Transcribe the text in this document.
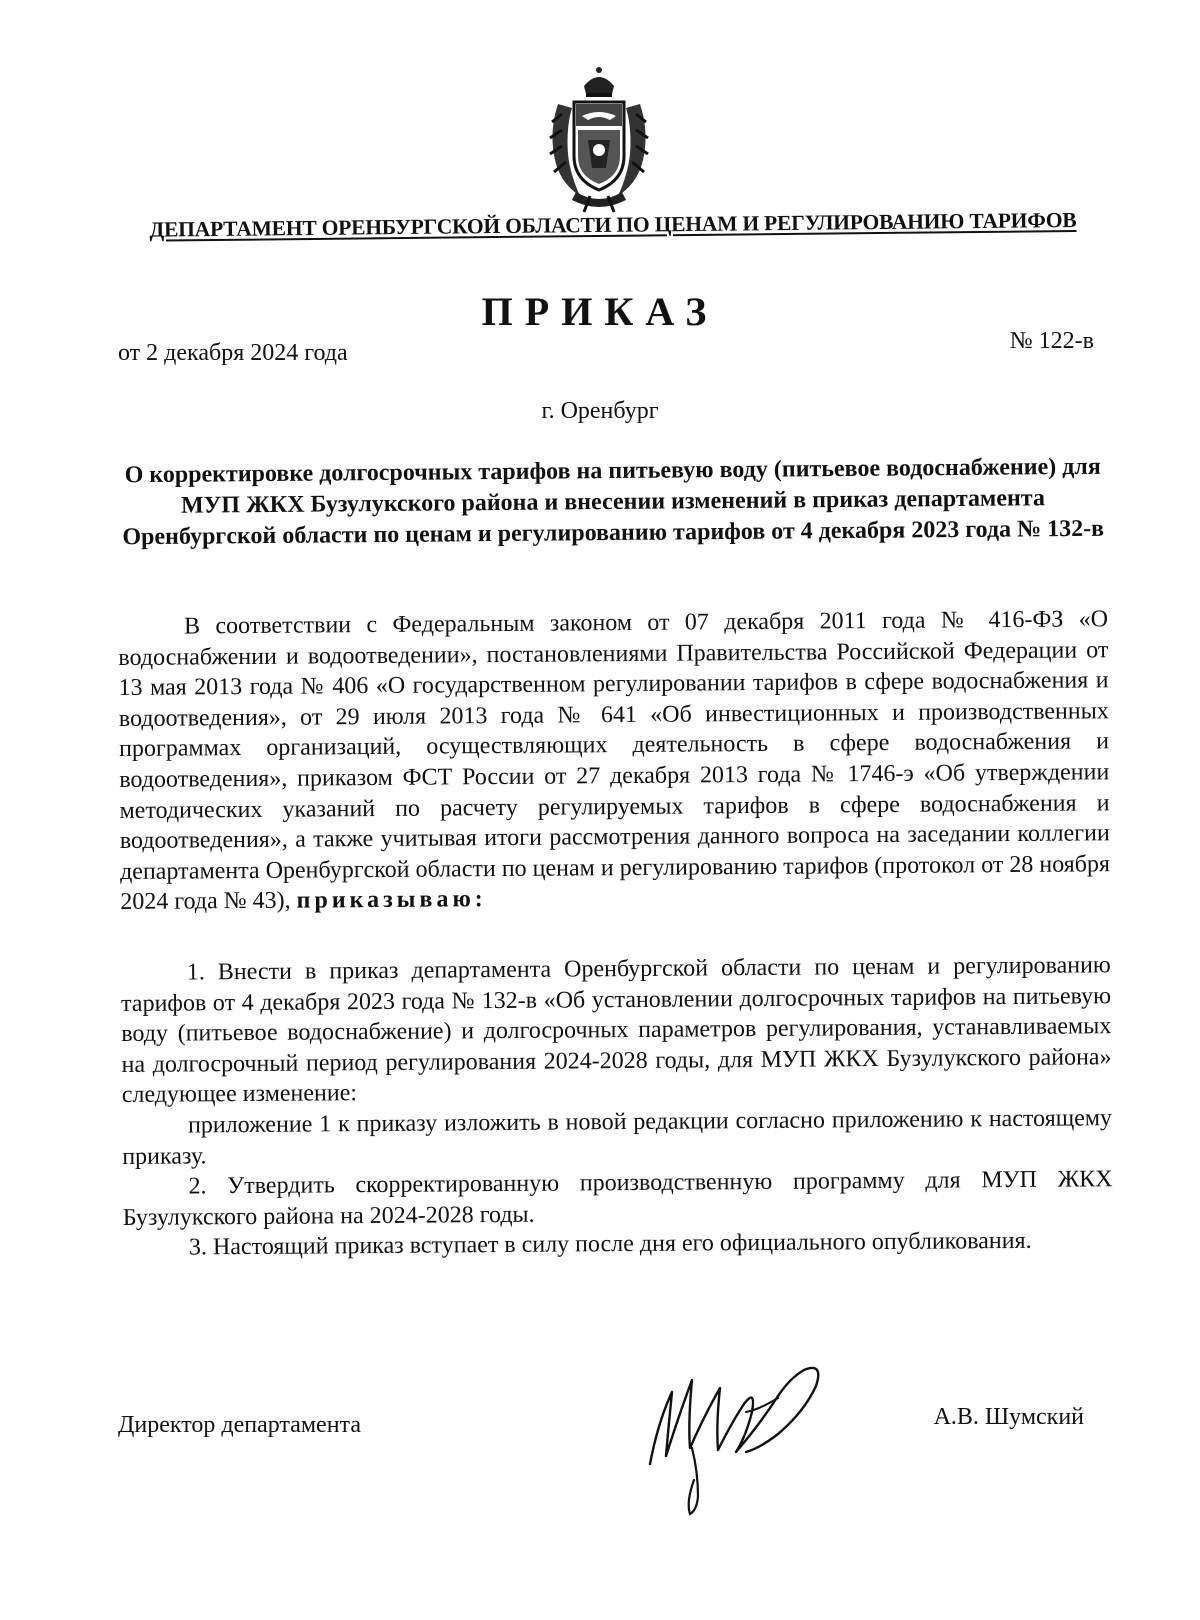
ДЕПАРТАМЕНТ ОРЕНБУРГСКОЙ ОБЛАСТИ ПО ЦЕНАМ И РЕГУЛИРОВАНИЮ ТАРИФОВ
ПРИКАЗ
от 2 декабря 2024 года	№ 122-в
г. Оренбург
О корректировке долгосрочных тарифов на питьевую воду (питьевое водоснабжение) для МУП ЖКХ Бузулукского района и внесении изменений в приказ департамента Оренбургской области по ценам и регулированию тарифов от 4 декабря 2023 года № 132-в

В соответствии с Федеральным законом от 07 декабря 2011 года № 416-ФЗ «О водоснабжении и водоотведении», постановлениями Правительства Российской Федерации от 13 мая 2013 года № 406 «О государственном регулировании тарифов в сфере водоснабжения и водоотведения», от 29 июля 2013 года № 641 «Об инвестиционных и производственных программах организаций, осуществляющих деятельность в сфере водоснабжения и водоотведения», приказом ФСТ России от 27 декабря 2013 года № 1746-э «Об утверждении методических указаний по расчету регулируемых тарифов в сфере водоснабжения и водоотведения», а также учитывая итоги рассмотрения данного вопроса на заседании коллегии департамента Оренбургской области по ценам и регулированию тарифов (протокол от 28 ноября 2024 года № 43), приказываю:

1. Внести в приказ департамента Оренбургской области по ценам и регулированию тарифов от 4 декабря 2023 года № 132-в «Об установлении долгосрочных тарифов на питьевую воду (питьевое водоснабжение) и долгосрочных параметров регулирования, устанавливаемых на долгосрочный период регулирования 2024-2028 годы, для МУП ЖКХ Бузулукского района» следующее изменение:

приложение 1 к приказу изложить в новой редакции согласно приложению к настоящему приказу.

2. Утвердить скорректированную производственную программу для МУП ЖКХ Бузулукского района на 2024-2028 годы.

3. Настоящий приказ вступает в силу после дня его официального опубликования.

Директор департамента	А.В. Шумский
